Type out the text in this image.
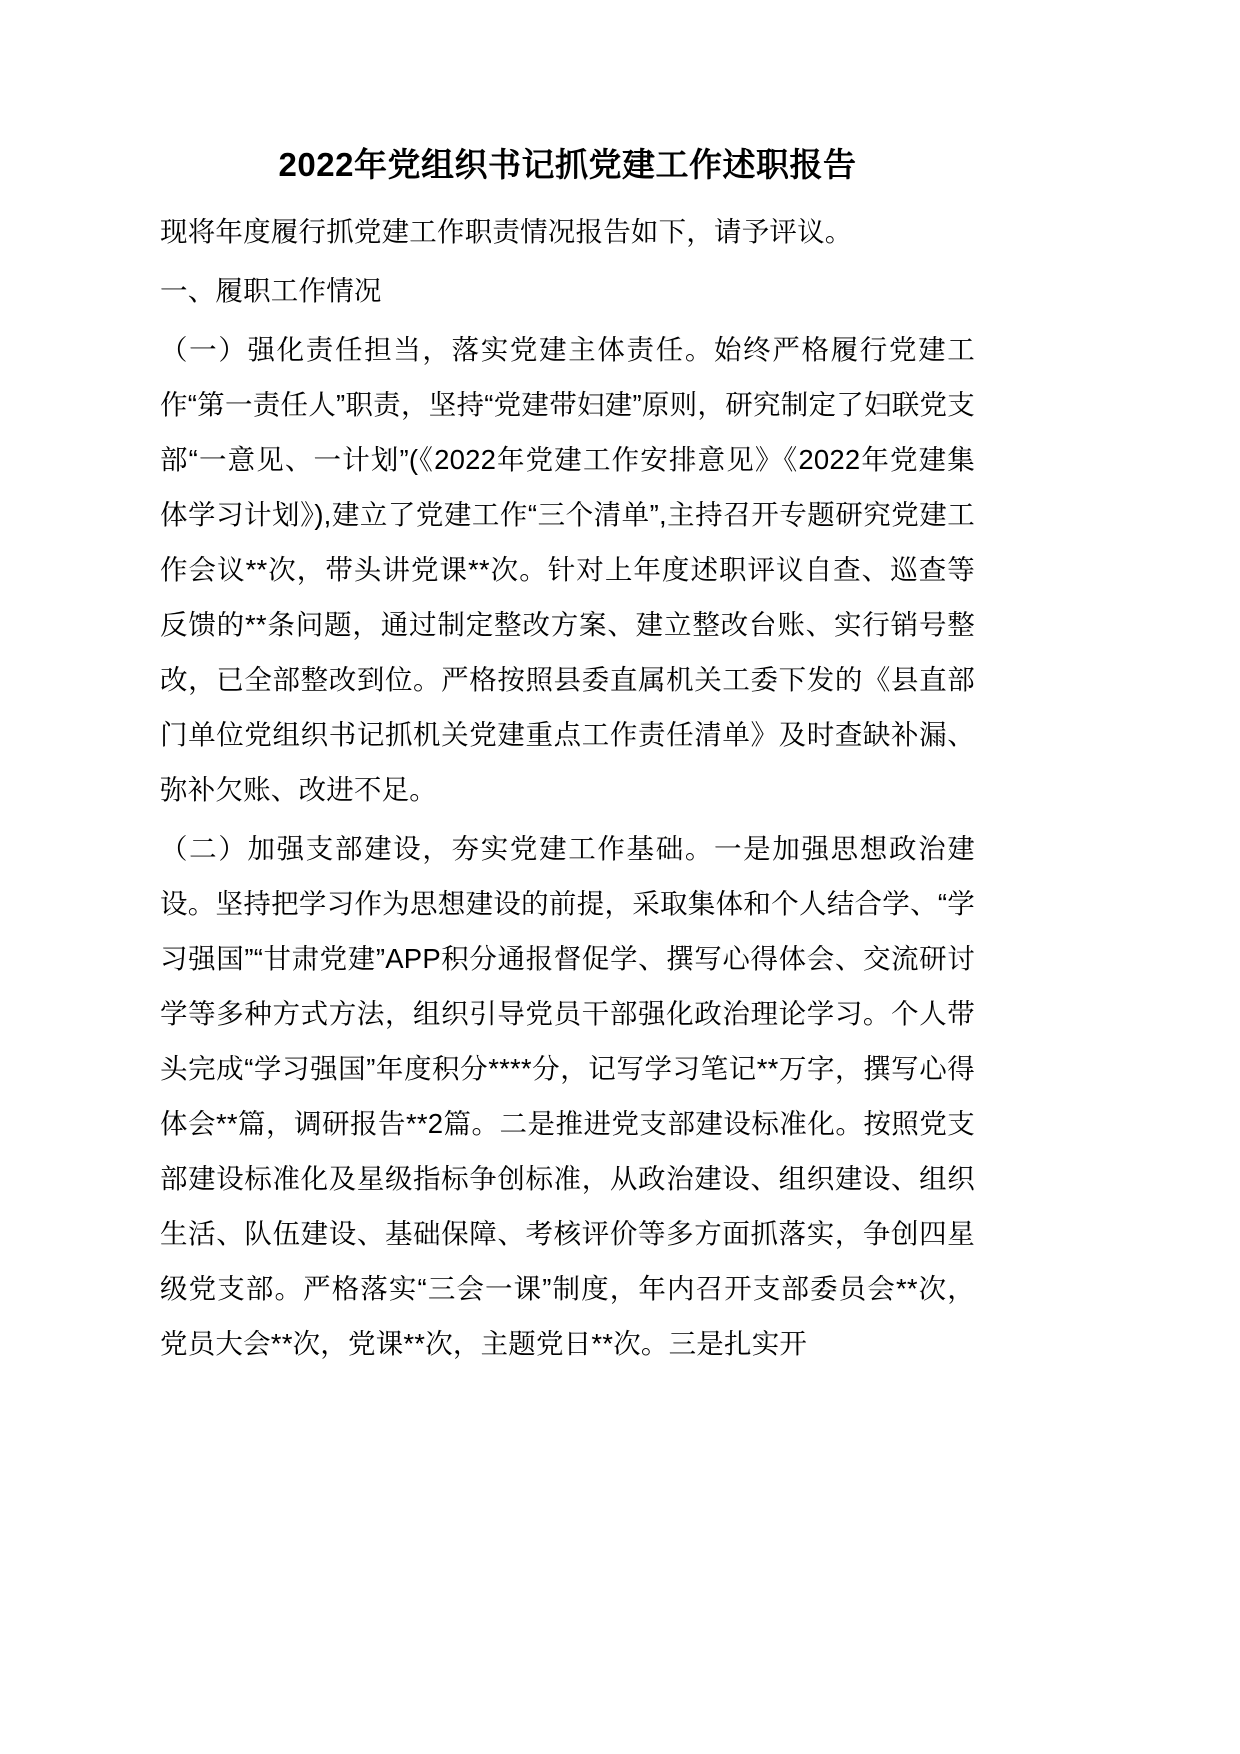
2022年党组织书记抓党建工作述职报告

现将年度履行抓党建工作职责情况报告如下，请予评议。

一、履职工作情况

（一）强化责任担当，落实党建主体责任。始终严格履行党建工作“第一责任人”职责，坚持“党建带妇建”原则，研究制定了妇联党支部“一意见、一计划”(《2022年党建工作安排意见》《2022年党建集体学习计划》),建立了党建工作“三个清单”,主持召开专题研究党建工作会议**次，带头讲党课**次。针对上年度述职评议自查、巡查等反馈的**条问题，通过制定整改方案、建立整改台账、实行销号整改，已全部整改到位。严格按照县委直属机关工委下发的《县直部门单位党组织书记抓机关党建重点工作责任清单》及时查缺补漏、弥补欠账、改进不足。

（二）加强支部建设，夯实党建工作基础。一是加强思想政治建设。坚持把学习作为思想建设的前提，采取集体和个人结合学、“学习强国”“甘肃党建”APP积分通报督促学、撰写心得体会、交流研讨学等多种方式方法，组织引导党员干部强化政治理论学习。个人带头完成“学习强国”年度积分****分，记写学习笔记**万字，撰写心得体会**篇，调研报告**2篇。二是推进党支部建设标准化。按照党支部建设标准化及星级指标争创标准，从政治建设、组织建设、组织生活、队伍建设、基础保障、考核评价等多方面抓落实，争创四星级党支部。严格落实“三会一课”制度，年内召开支部委员会**次，党员大会**次，党课**次，主题党日**次。三是扎实开
